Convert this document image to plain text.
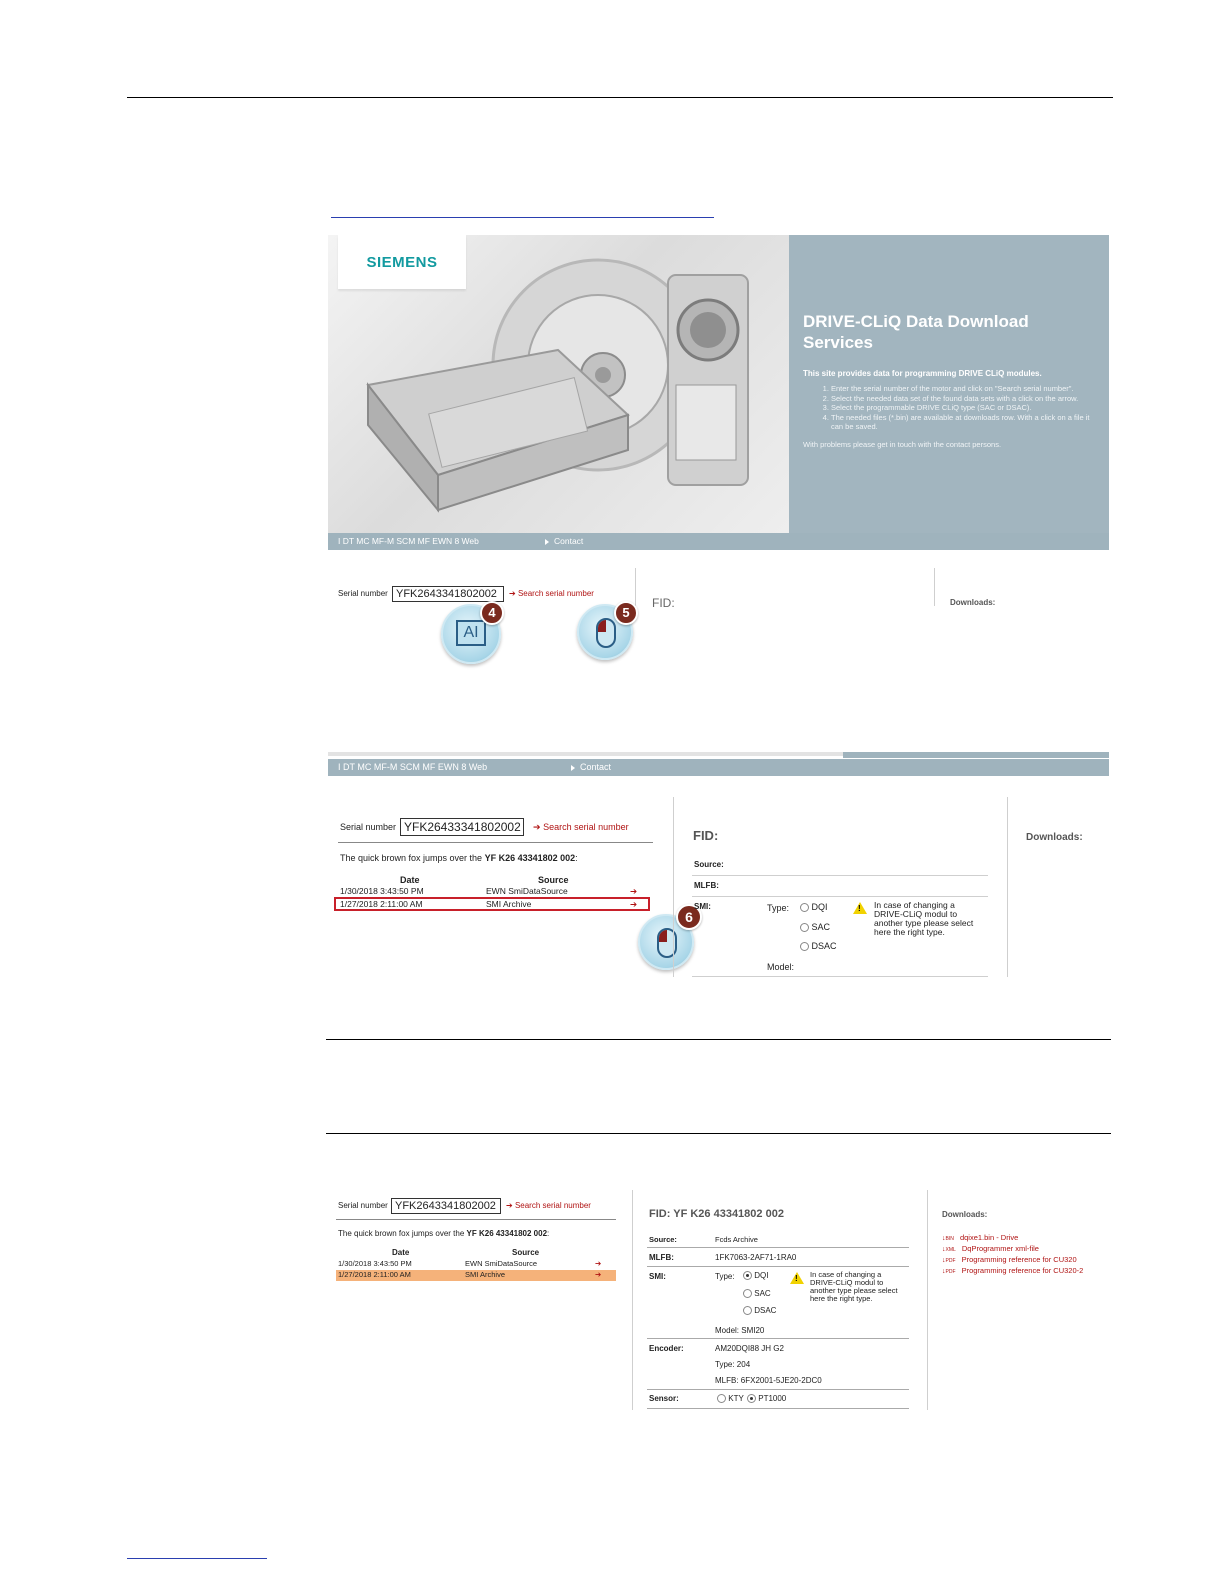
SIEMENS
DRIVE-CLiQ Data Download Services
This site provides data for programming DRIVE CLiQ modules.
1. Enter the serial number of the motor and click on "Search serial number".
2. Select the needed data set of the found data sets with a click on the arrow.
3. Select the programmable DRIVE CLiQ type (SAC or DSAC).
4. The needed files (*.bin) are available at downloads row. With a click on a file it can be saved.
With problems please get in touch with the contact persons.
I DT MC MF-M SCM MF EWN 8 Web	Contact
Serial number YFK2643341802002	➔ Search serial number
FID:	Downloads:
AI
4	5
I DT MC MF-M SCM MF EWN 8 Web	Contact
Serial number YFK26433341802002	➔ Search serial number
The quick brown fox jumps over the YF K26 43341802 002:
Date	Source
1/30/2018 3:43:50 PM	EWN SmiDataSource	➔
1/27/2018 2:11:00 AM	SMI Archive	➔
6
FID:	Downloads:
Source:
MLFB:
SMI:	Type:	DQI
SAC
DSAC
!	In case of changing a DRIVE-CLiQ modul to another type please select here the right type.
Model:
Serial number YFK2643341802002	➔ Search serial number
The quick brown fox jumps over the YF K26 43341802 002:
Date	Source
1/30/2018 3:43:50 PM	EWN SmiDataSource	➔
1/27/2018 2:11:00 AM	SMI Archive	➔
FID: YF K26 43341802 002
Source:	Fcds Archive
MLFB:	1FK7063-2AF71-1RA0
SMI:	Type:	DQI
SAC
DSAC
!	In case of changing a DRIVE-CLiQ modul to another type please select here the right type.
Model: SMI20
Encoder:	AM20DQI88 JH G2
Type: 204
MLFB: 6FX2001-5JE20-2DC0
Sensor:	KTY	PT1000
Downloads:
↓BIN dqixe1.bin - Drive
↓XML DqProgrammer xml-file
↓PDF Programming reference for CU320
↓PDF Programming reference for CU320-2
